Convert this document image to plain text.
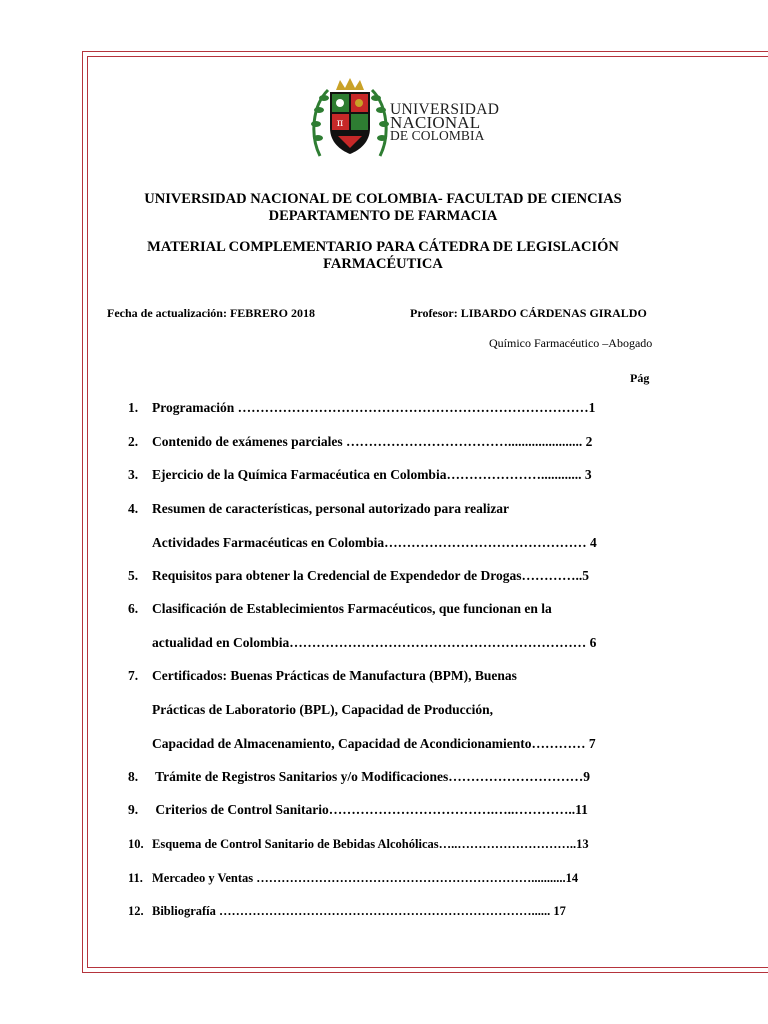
π
UNIVERSIDAD
NACIONAL
DE COLOMBIA
UNIVERSIDAD NACIONAL DE COLOMBIA- FACULTAD DE CIENCIAS
DEPARTAMENTO DE FARMACIA
MATERIAL COMPLEMENTARIO PARA CÁTEDRA DE LEGISLACIÓN
FARMACÉUTICA
Fecha de actualización: FEBRERO 2018	Profesor: LIBARDO CÁRDENAS GIRALDO
Químico Farmacéutico –Abogado
Pág
1. Programación ……………………………………………………………………1
2. Contenido de exámenes parciales ………………………………...................... 2
3. Ejercicio de la Química Farmacéutica en Colombia…………………............ 3
4. Resumen de características, personal autorizado para realizar
Actividades Farmacéuticas en Colombia……………………………………… 4
5. Requisitos para obtener la Credencial de Expendedor de Drogas…………..5
6. Clasificación de Establecimientos Farmacéuticos, que funcionan en la
actualidad en Colombia………………………………………………………… 6
7. Certificados: Buenas Prácticas de Manufactura (BPM), Buenas
Prácticas de Laboratorio (BPL), Capacidad de Producción,
Capacidad de Almacenamiento, Capacidad de Acondicionamiento………… 7
8. Trámite de Registros Sanitarios y/o Modificaciones…………………………9
9. Criterios de Control Sanitario……………………………….…..…………..11
10. Esquema de Control Sanitario de Bebidas Alcohólicas…..………………………..13
11. Mercadeo y Ventas …………………………………………………………...........14
12. Bibliografía …………………………………………………………………...... 17
